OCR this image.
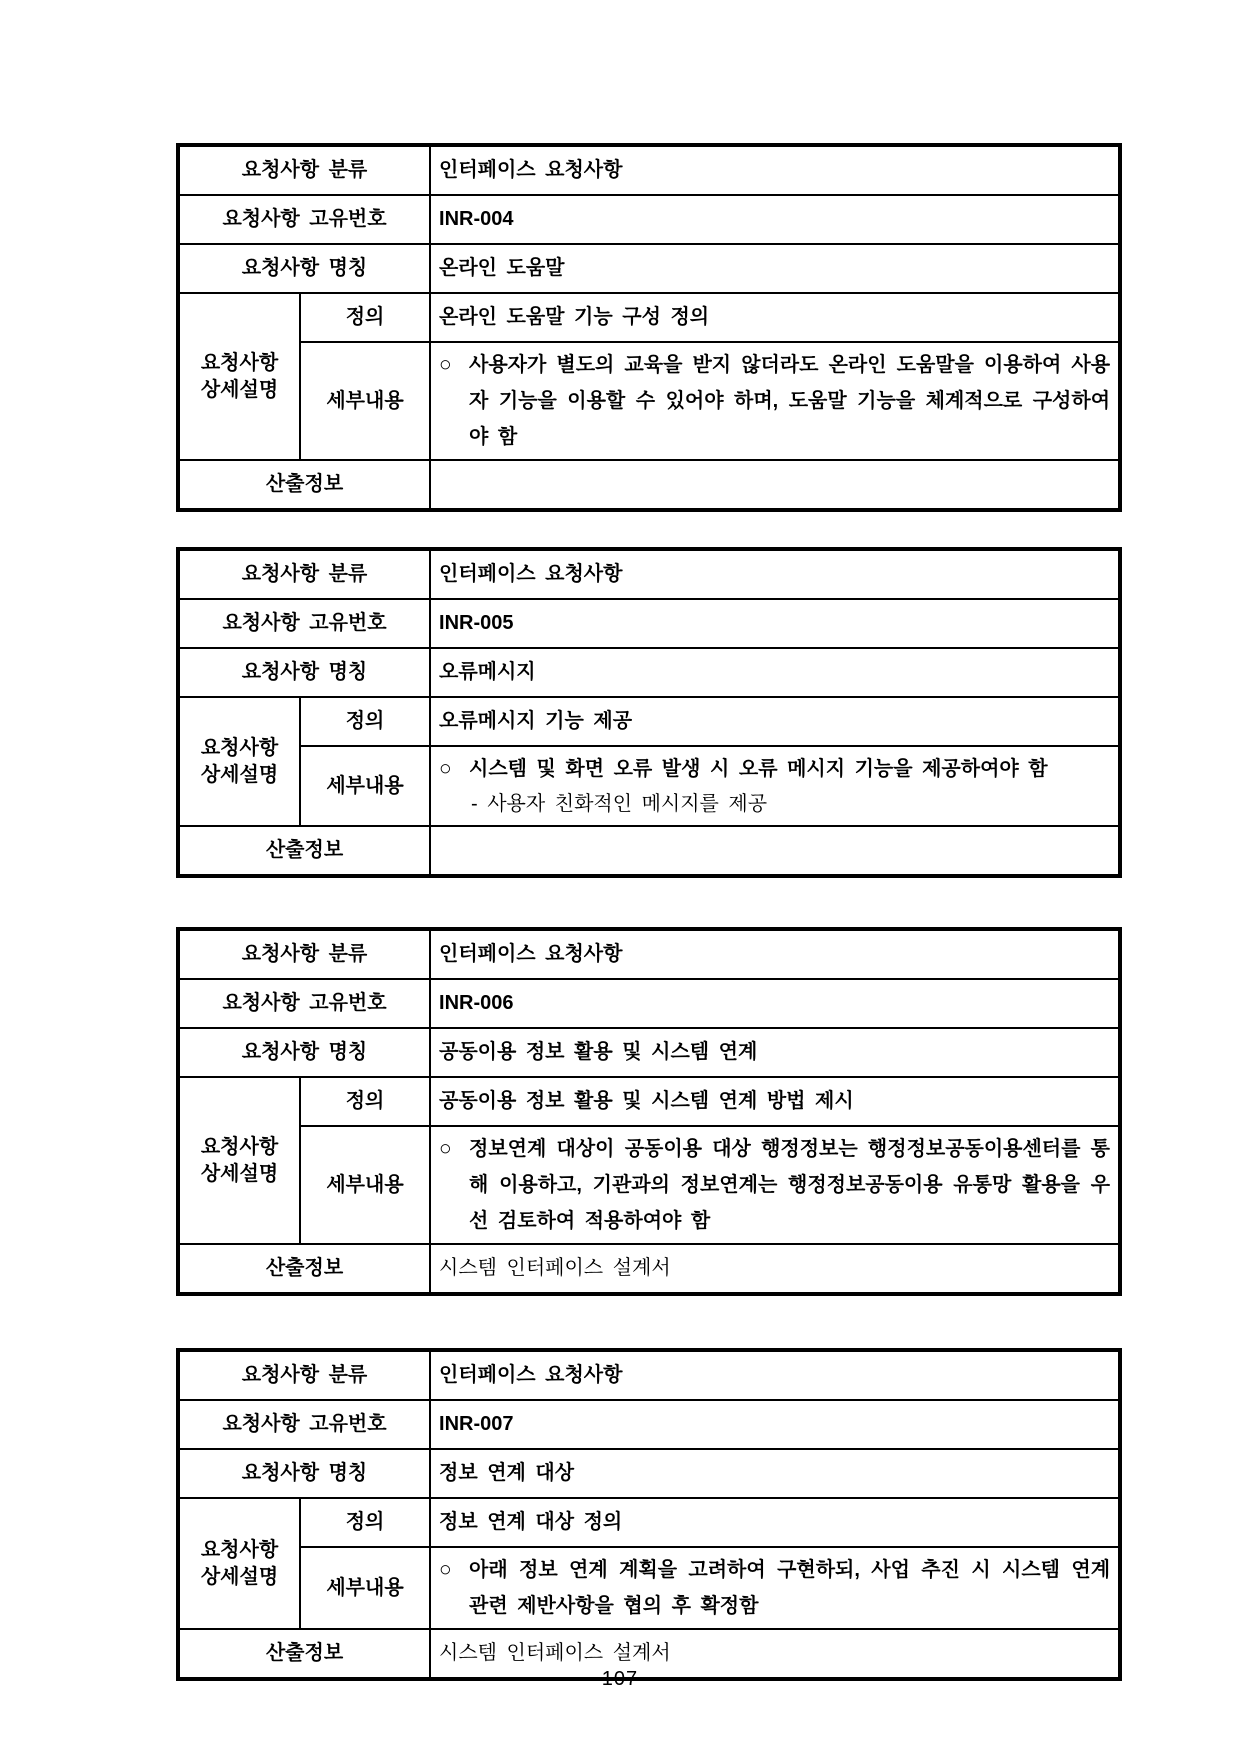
요청사항 분류		인터페이스 요청사항
요청사항 고유번호		INR-004
요청사항 명칭		온라인 도움말
요청사항 상세설명	정의	온라인 도움말 기능 구성 정의
	세부내용	○ 사용자가 별도의 교육을 받지 않더라도 온라인 도움말을 이용하여 사용자 기능을 이용할 수 있어야 하며, 도움말 기능을 체계적으로 구성하여야 함

산출정보		
요청사항 분류		인터페이스 요청사항
요청사항 고유번호		INR-005
요청사항 명칭		오류메시지
요청사항 상세설명	정의	오류메시지 기능 제공
	세부내용	○ 시스템 및 화면 오류 발생 시 오류 메시지 기능을 제공하여야 함
- 사용자 친화적인 메시지를 제공

산출정보		
요청사항 분류		인터페이스 요청사항
요청사항 고유번호		INR-006
요청사항 명칭		공동이용 정보 활용 및 시스템 연계
요청사항 상세설명	정의	공동이용 정보 활용 및 시스템 연계 방법 제시
	세부내용	○ 정보연계 대상이 공동이용 대상 행정정보는 행정정보공동이용센터를 통해 이용하고, 기관과의 정보연계는 행정정보공동이용 유통망 활용을 우선 검토하여 적용하여야 함

산출정보		시스템 인터페이스 설계서
요청사항 분류		인터페이스 요청사항
요청사항 고유번호		INR-007
요청사항 명칭		정보 연계 대상
요청사항 상세설명	정의	정보 연계 대상 정의
	세부내용	○ 아래 정보 연계 계획을 고려하여 구현하되, 사업 추진 시 시스템 연계 관련 제반사항을 협의 후 확정함

산출정보		시스템 인터페이스 설계서
– 107 –
